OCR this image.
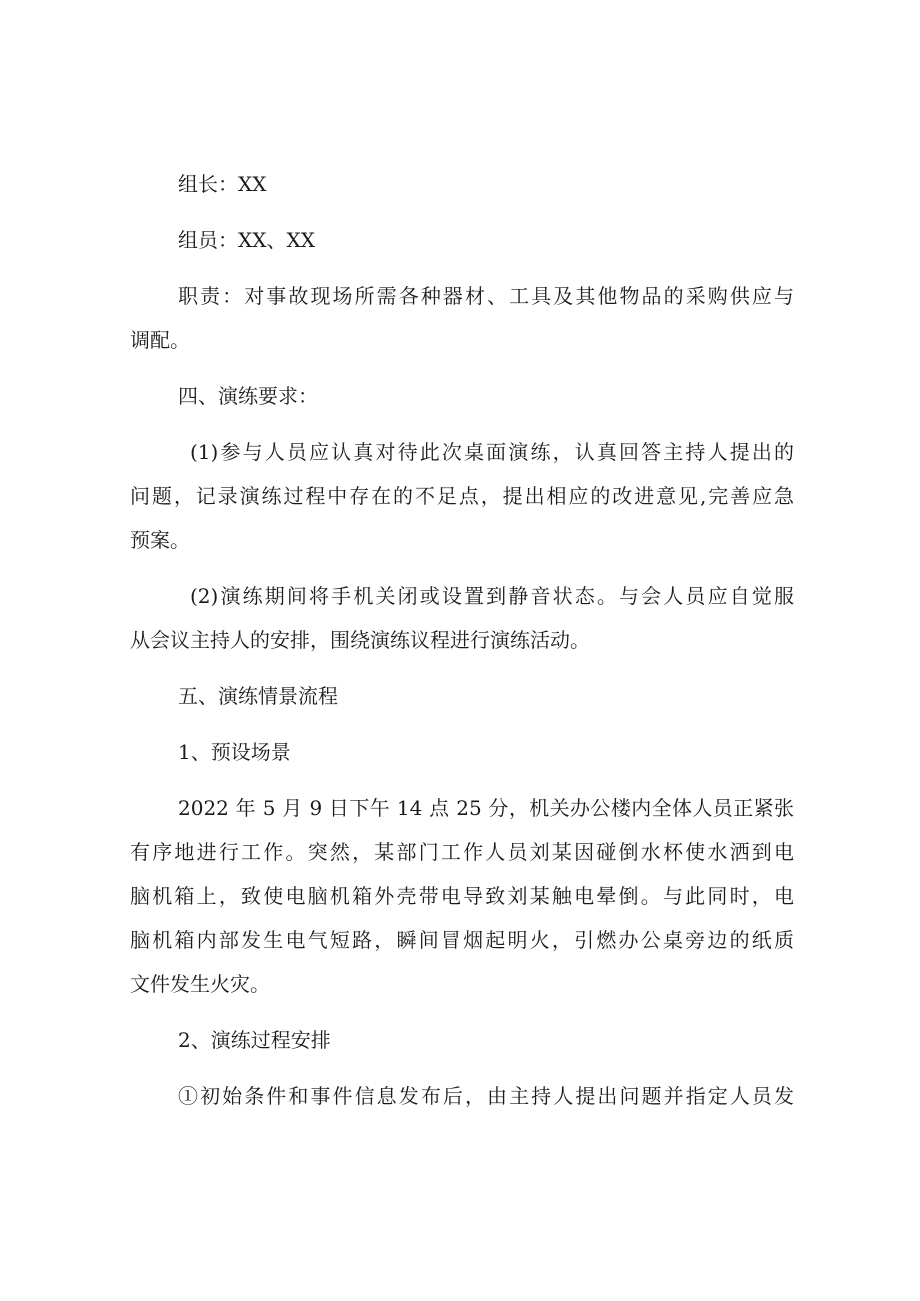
组长：XX
组员：XX、XX
职责：对事故现场所需各种器材、工具及其他物品的采购供应与
调配。
四、演练要求：
(1)参与人员应认真对待此次桌面演练，认真回答主持人提出的
问题，记录演练过程中存在的不足点，提出相应的改进意见,完善应急
预案。
(2)演练期间将手机关闭或设置到静音状态。与会人员应自觉服
从会议主持人的安排，围绕演练议程进行演练活动。
五、演练情景流程
1、预设场景
2022 年 5 月 9 日下午 14 点 25 分，机关办公楼内全体人员正紧张
有序地进行工作。突然，某部门工作人员刘某因碰倒水杯使水洒到电
脑机箱上，致使电脑机箱外壳带电导致刘某触电晕倒。与此同时，电
脑机箱内部发生电气短路，瞬间冒烟起明火，引燃办公桌旁边的纸质
文件发生火灾。
2、演练过程安排
①初始条件和事件信息发布后，由主持人提出问题并指定人员发
